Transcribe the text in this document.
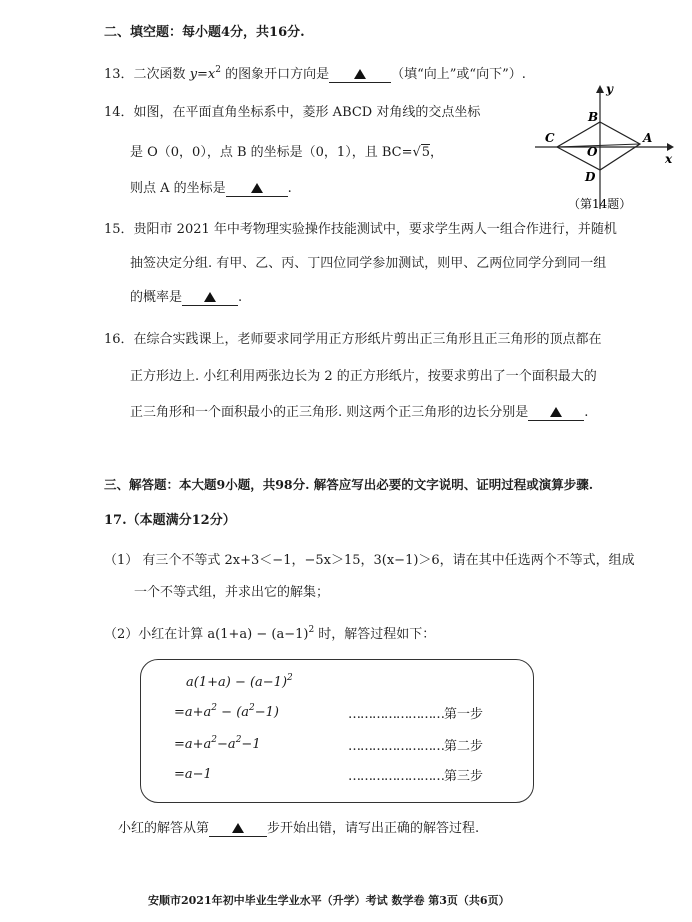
二、填空题：每小题4分，共16分.
13．二次函数 $y=x^2$ 的图象开口方向是	（填“向上”或“向下”）.
14．如图，在平面直角坐标系中，菱形 ABCD 对角线的交点坐标
是 O（0，0），点 B 的坐标是（0，1），且 BC=√5，
则点 A 的坐标是	.
y
x
B
A
C
O
D
（第14题）
15．贵阳市 2021 年中考物理实验操作技能测试中，要求学生两人一组合作进行，并随机
抽签决定分组. 有甲、乙、丙、丁四位同学参加测试，则甲、乙两位同学分到同一组
的概率是	.
16．在综合实践课上，老师要求同学用正方形纸片剪出正三角形且正三角形的顶点都在
正方形边上. 小红利用两张边长为 2 的正方形纸片，按要求剪出了一个面积最大的
正三角形和一个面积最小的正三角形. 则这两个正三角形的边长分别是	.
三、解答题：本大题9小题，共98分. 解答应写出必要的文字说明、证明过程或演算步骤.
17.（本题满分12分）
（1） 有三个不等式 2x+3＜−1，−5x＞15，3(x−1)＞6，请在其中任选两个不等式，组成
一个不等式组，并求出它的解集；
（2）小红在计算 $a(1+a) - (a-1)^2$ 时，解答过程如下：
$a(1+a) - (a-1)^2$
$=a+a^2 - (a^2-1)$	……………………第一步
$=a+a^2-a^2-1$	……………………第二步
=a−1	……………………第三步
小红的解答从第	步开始出错，请写出正确的解答过程.
安顺市2021年初中毕业生学业水平（升学）考试 数学卷 第3页（共6页）
